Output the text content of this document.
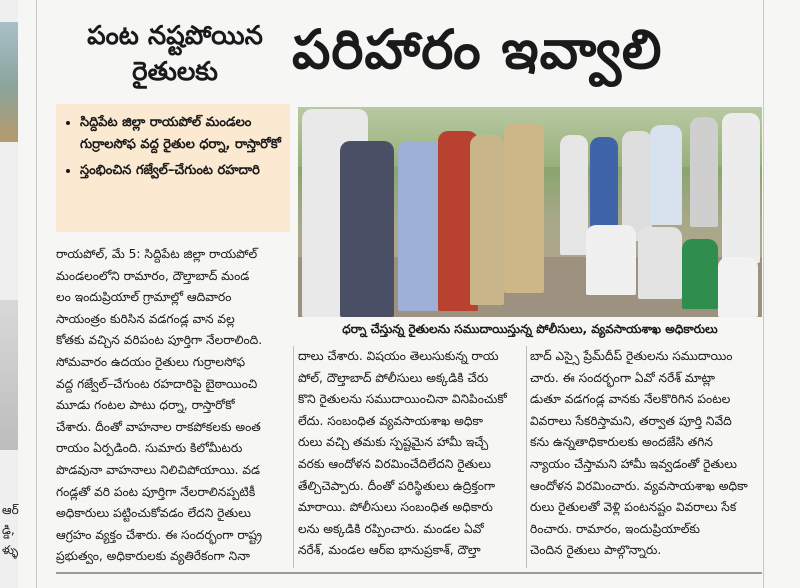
ఆర్
డ్డి,
ళ్ళు
పంట నష్టపోయిన
రైతులకు	పరిహారం ఇవ్వాలి
• సిద్దిపేట జిల్లా రాయపోల్ మండలం గుర్రాలసోఫ వద్ద రైతుల ధర్నా, రాస్తారోకో
• స్తంభించిన గజ్వేల్–చేగుంట రహదారి
ధర్నా చేస్తున్న రైతులను సముదాయిస్తున్న పోలీసులు, వ్యవసాయశాఖ అధికారులు
రాయపోల్, మే 5: సిద్దిపేట జిల్లా రాయపోల్
మండలంలోని రామారం, దౌల్తాబాద్ మండ
లం ఇందుప్రియాల్ గ్రామాల్లో ఆదివారం
సాయంత్రం కురిసిన వడగండ్ల వాన వల్ల
కోతకు వచ్చిన వరిపంట పూర్తిగా నేలరాలింది.
సోమవారం ఉదయం రైతులు గుర్రాలసోఫ
వద్ద గజ్వేల్–చేగుంట రహదారిపై బైఠాయించి
మూడు గంటల పాటు ధర్నా, రాస్తారోకో
చేశారు. దీంతో వాహనాల రాకపోకలకు అంత
రాయం ఏర్పడింది. సుమారు కిలోమీటరు
పొడవునా వాహనాలు నిలిచిపోయాయి. వడ
గండ్లతో వరి పంట పూర్తిగా నేలరాలినప్పటికీ
అధికారులు పట్టించుకోవడం లేదని రైతులు
ఆగ్రహం వ్యక్తం చేశారు. ఈ సందర్భంగా రాష్ట్ర
ప్రభుత్వం, అధికారులకు వ్యతిరేకంగా నినా
దాలు చేశారు. విషయం తెలుసుకున్న రాయ
పోల్, దౌల్తాబాద్ పోలీసులు అక్కడికి చేరు
కొని రైతులను సముదాయించినా వినిపించుకో
లేదు. సంబంధిత వ్యవసాయశాఖ అధికా
రులు వచ్చి తమకు స్పష్టమైన హామీ ఇచ్చే
వరకు ఆందోళన విరమించేదిలేదని రైతులు
తేల్చిచెప్పారు. దీంతో పరిస్థితులు ఉద్రిక్తంగా
మారాయి. పోలీసులు సంబంధిత అధికారు
లను అక్కడికి రప్పించారు. మండల ఏవో
నరేశ్, మండల ఆర్ఐ భానుప్రకాశ్, దౌల్తా
బాద్ ఎస్సై ప్రేమ్‌దీప్ రైతులను సముదాయిం
చారు. ఈ సందర్భంగా ఏవో నరేశ్ మాట్లా
డుతూ వడగండ్ల వానకు నేలకొరిగిన పంటల
వివరాలు సేకరిస్తామని, తర్వాత పూర్తి నివేది
కను ఉన్నతాధికారులకు అందజేసి తగిన
న్యాయం చేస్తామని హామీ ఇవ్వడంతో రైతులు
ఆందోళన విరమించారు. వ్యవసాయశాఖ అధికా
రులు రైతులతో వెళ్లి పంటనష్టం వివరాలు సేక
రించారు. రామారం, ఇందుప్రియాల్‌కు
చెందిన రైతులు పాల్గొన్నారు.
